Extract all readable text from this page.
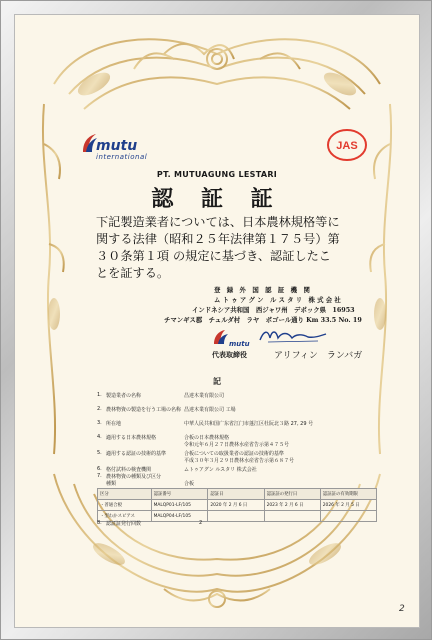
mutu
international
JAS
PT. MUTUAGUNG LESTARI
認 証 証
下記製造業者については、日本農林規格等に
関する法律（昭和２５年法律第１７５号）第
３０条第１項 の規定に基づき、認証したこ
とを証する。
登　録　外　国　認　証　機　関
ム ト ゥ ア グ ン　ル ス タ リ　株 式 会 社
インドネシア共和国　西ジャワ州　デポック県　16953
チマンギス郡　チュルダ村　ラヤ　ボゴール通り Km 33.5 No. 19
mutu
代表取締役	アリフィン　ランバガ
記
1. 製造業者の名称	昌達木業有限公司
2. 農林物資の製造を行う工場の名称 昌達木業有限公司 工場
3. 所在地	中華人民共和国广东省江门市蓬江区杜阮北３路 27, 29 号
4. 適用する日本農林規格	合板の日本農林規格
令和元年６月２７日農林水産省告示第４７５号
5. 適用する認証の技術的基準	合板についての取扱業者の認証の技術的基準
平成３０年３月２９日農林水産省告示第６８７号
6. 格付試料の検査機関	ムトゥアグン ルスタリ 株式会社
7. 農林物資の種類及び区分
種類	合板
区分	認証番号	認証日	認証証の発行日	認証証の有効期限
・普通合板	MALQP01-LF/105	2020 年 2 月 6 日	2023 年 2 月 6 日	2026 年 2 月 5 日
・型わかスピアス	MALQP04-LF/105			
8. 認証証発行回数	2
2
